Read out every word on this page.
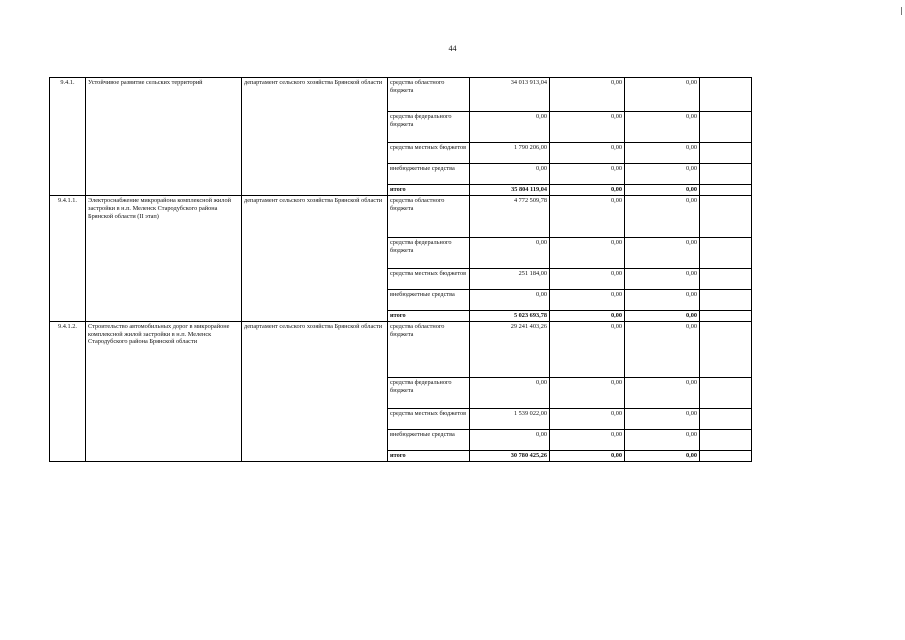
44
9.4.1.	Устойчивое развитие сельских территорий	департамент сельского хозяйства Брянской области	средства областного бюджета	34 013 913,04	0,00	0,00	
			средства федерального бюджета	0,00	0,00	0,00	
			средства местных бюджетов	1 790 206,00	0,00	0,00	
			внебюджетные средства	0,00	0,00	0,00	
			итого	35 804 119,04	0,00	0,00	
9.4.1.1.	Электроснабжение микрорайона комплексной жилой застройки в н.п. Меленск Стародубского района Брянской области (II этап)	департамент сельского хозяйства Брянской области	средства областного бюджета	4 772 509,78	0,00	0,00	
			средства федерального бюджета	0,00	0,00	0,00	
			средства местных бюджетов	251 184,00	0,00	0,00	
			внебюджетные средства	0,00	0,00	0,00	
			итого	5 023 693,78	0,00	0,00	
9.4.1.2.	Строительство автомобильных дорог в микрорайоне комплексной жилой застройки в н.п. Меленск Стародубского района Брянской области	департамент сельского хозяйства Брянской области	средства областного бюджета	29 241 403,26	0,00	0,00	
			средства федерального бюджета	0,00	0,00	0,00	
			средства местных бюджетов	1 539 022,00	0,00	0,00	
			внебюджетные средства	0,00	0,00	0,00	
			итого	30 780 425,26	0,00	0,00	
